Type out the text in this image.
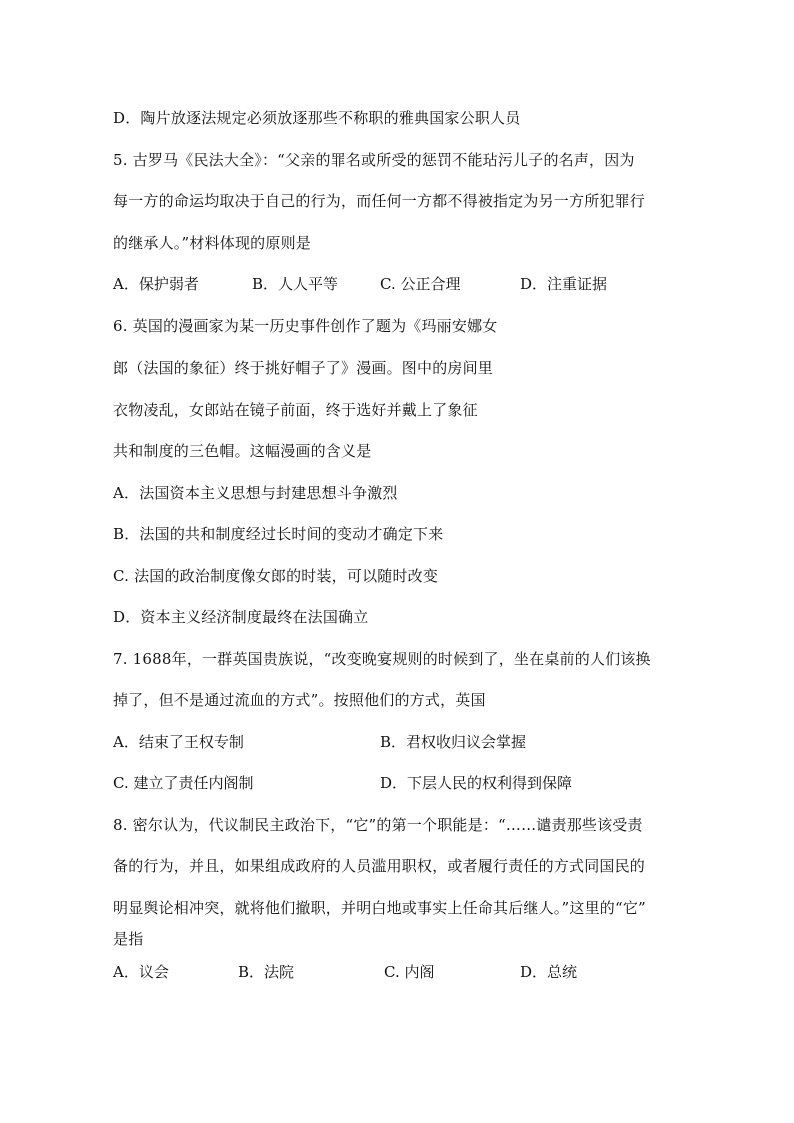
D．陶片放逐法规定必须放逐那些不称职的雅典国家公职人员
5. 古罗马《民法大全》：“父亲的罪名或所受的惩罚不能玷污儿子的名声，因为
每一方的命运均取决于自己的行为，而任何一方都不得被指定为另一方所犯罪行
的继承人。”材料体现的原则是
A．保护弱者	B．人人平等	C. 公正合理	D．注重证据
6. 英国的漫画家为某一历史事件创作了题为《玛丽安娜女
郎（法国的象征）终于挑好帽子了》漫画。图中的房间里
衣物凌乱，女郎站在镜子前面，终于选好并戴上了象征
共和制度的三色帽。这幅漫画的含义是
A．法国资本主义思想与封建思想斗争激烈
B．法国的共和制度经过长时间的变动才确定下来
C. 法国的政治制度像女郎的时装，可以随时改变
D．资本主义经济制度最终在法国确立
7. 1688年，一群英国贵族说，“改变晚宴规则的时候到了，坐在桌前的人们该换
掉了，但不是通过流血的方式”。按照他们的方式，英国
A．结束了王权专制	B．君权收归议会掌握
C. 建立了责任内阁制	D．下层人民的权利得到保障
8. 密尔认为，代议制民主政治下，“它”的第一个职能是：“……谴责那些该受责
备的行为，并且，如果组成政府的人员滥用职权，或者履行责任的方式同国民的
明显舆论相冲突，就将他们撤职，并明白地或事实上任命其后继人。”这里的“它”
是指
A．议会	B．法院	C. 内阁	D．总统
